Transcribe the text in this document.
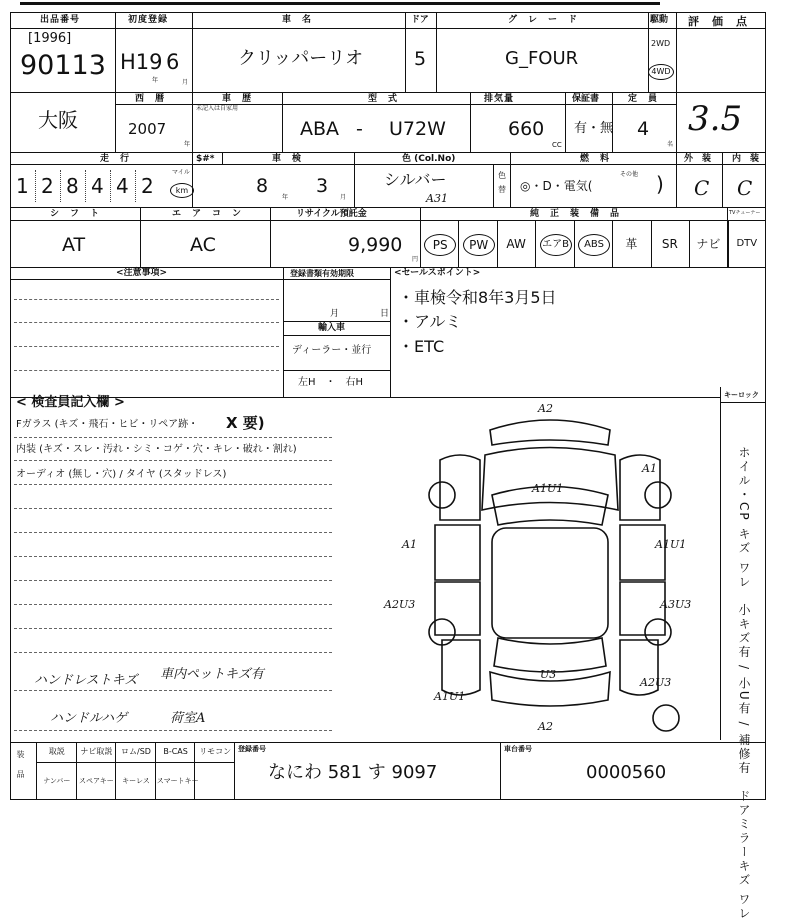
出品番号
[1996]
90113
初度登録
H19 6
年	月
車　名
クリッパーリオ
ドア
5
グ　レ　ー　ド
G_FOUR
駆動
2WD
4WD
評　価　点
3.5
大阪
西　暦
2007
年
車　歴
未記入は自家用
型　式
ABA - U72W
排気量
660
CC
保証書
有・無
定　員
4
名
走　行
1 2 8 4 4 2
マイル
km
$#*	車　検
8
年
3
月
色 (Col.No)
シルバー
A31
色
替
燃　料
◎・D・電気(
その他 )
外　装
C
内　装
C
シ　フ　ト
AT
エ　ア　コ　ン
AC
リサイクル預託金
9,990
円
純　正　装　備　品	TVチューナー
PS	PW	AW	エアB	ABS	革	SR	ナビ	DTV
<注意事項>	登録書類有効期限
月	日
輸入車
ディーラー・並行
左H　・　右H
<セールスポイント>
・車検令和8年3月5日
・アルミ
・ETC
< 検査員記入欄 >
Fガラス (キズ・飛石・ヒビ・リペア跡・ X 要)
内装 (キズ・スレ・汚れ・シミ・コゲ・穴・キレ・破れ・割れ)
オーディオ (無し・穴) / タイヤ (スタッドレス)
ハンドレストキズ 車内ペットキズ有
ハンドルハゲ	荷室A
キーロック
ホイル・CP キズ ワレ　小キズ有 / 小U有 / 補修有　ドアミラーキズ ワレ
A2
A1
A1U1
A1	A1U1
A2U3	A3U3
U3
A2U3
A1U1
A2
装　品	取説	ナビ取説	ロム/SD	B-CAS	リモコン
ナンバー	スペアキー	キーレス スマートキー
登録番号
なにわ 581 す 9097
車台番号
0000560
